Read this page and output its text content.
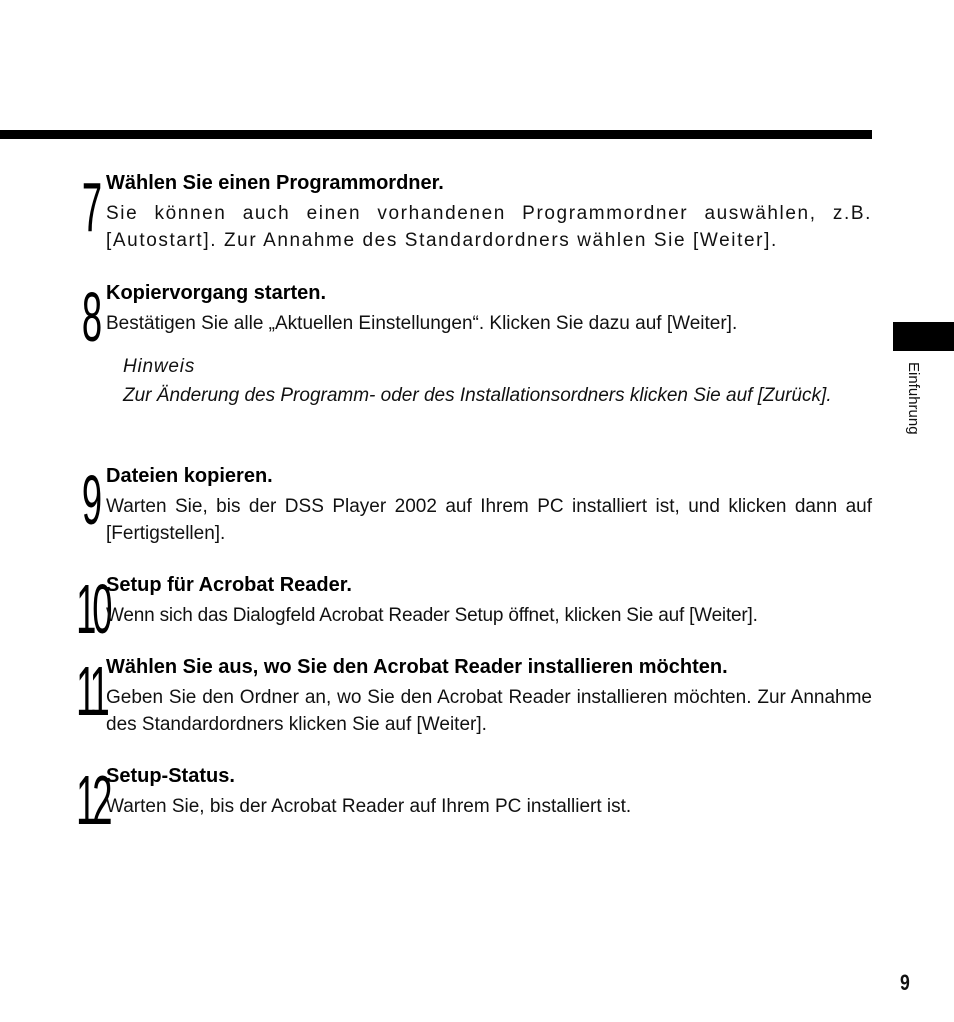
7 Wählen Sie einen Programmordner.

Sie können auch einen vorhandenen Programmordner auswählen, z.B. [Autostart]. Zur Annahme des Standardordners wählen Sie [Weiter].

8 Kopiervorgang starten.

Bestätigen Sie alle „Aktuellen Einstellungen“. Klicken Sie dazu auf [Weiter].

Hinweis
Zur Änderung des Programm- oder des Installationsordners klicken Sie auf [Zurück].
9 Dateien kopieren.

Warten Sie, bis der DSS Player 2002 auf Ihrem PC installiert ist, und klicken dann auf [Fertigstellen].

10

Setup für Acrobat Reader.

Wenn sich das Dialogfeld Acrobat Reader Setup öffnet, klicken Sie auf [Weiter].

11 Wählen Sie aus, wo Sie den Acrobat Reader installieren möchten.

Geben Sie den Ordner an, wo Sie den Acrobat Reader installieren möchten. Zur Annahme des Standardordners klicken Sie auf [Weiter].

12

Setup-Status.

Warten Sie, bis der Acrobat Reader auf Ihrem PC installiert ist.

Einfuhrung
9
